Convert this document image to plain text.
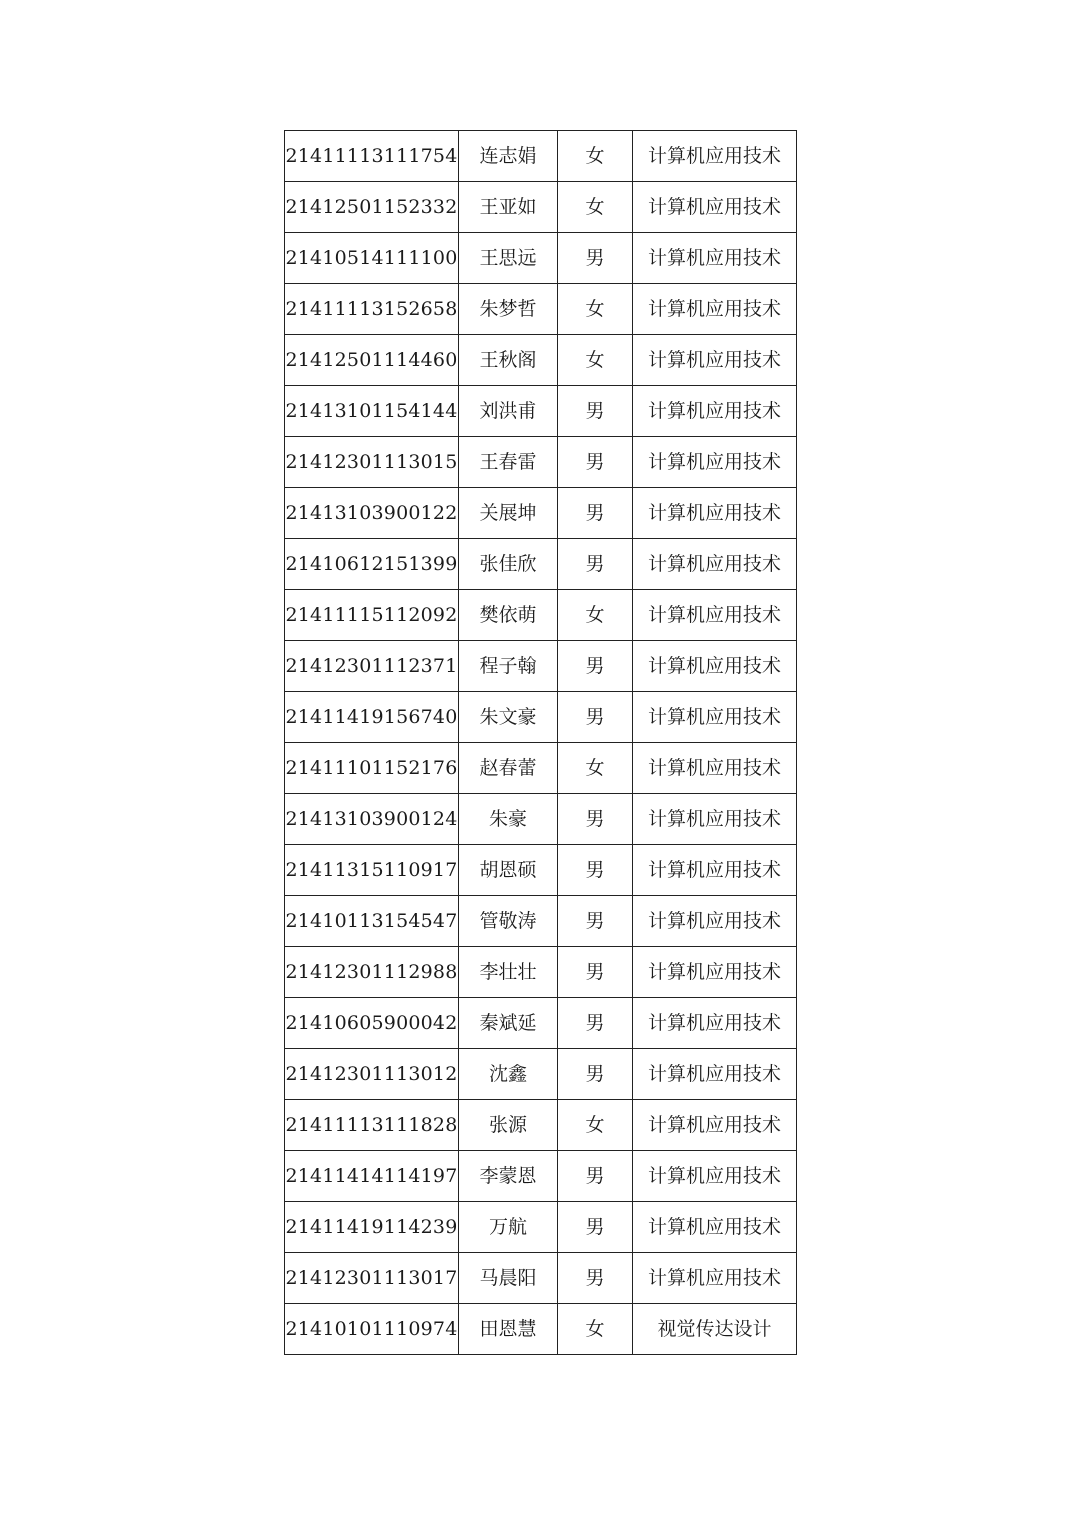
21411113111754	连志娟	女	计算机应用技术
21412501152332	王亚如	女	计算机应用技术
21410514111100	王思远	男	计算机应用技术
21411113152658	朱梦哲	女	计算机应用技术
21412501114460	王秋阁	女	计算机应用技术
21413101154144	刘洪甫	男	计算机应用技术
21412301113015	王春雷	男	计算机应用技术
21413103900122	关展坤	男	计算机应用技术
21410612151399	张佳欣	男	计算机应用技术
21411115112092	樊依萌	女	计算机应用技术
21412301112371	程子翰	男	计算机应用技术
21411419156740	朱文豪	男	计算机应用技术
21411101152176	赵春蕾	女	计算机应用技术
21413103900124	朱豪	男	计算机应用技术
21411315110917	胡恩硕	男	计算机应用技术
21410113154547	管敬涛	男	计算机应用技术
21412301112988	李壮壮	男	计算机应用技术
21410605900042	秦斌延	男	计算机应用技术
21412301113012	沈鑫	男	计算机应用技术
21411113111828	张源	女	计算机应用技术
21411414114197	李蒙恩	男	计算机应用技术
21411419114239	万航	男	计算机应用技术
21412301113017	马晨阳	男	计算机应用技术
21410101110974	田恩慧	女	视觉传达设计
